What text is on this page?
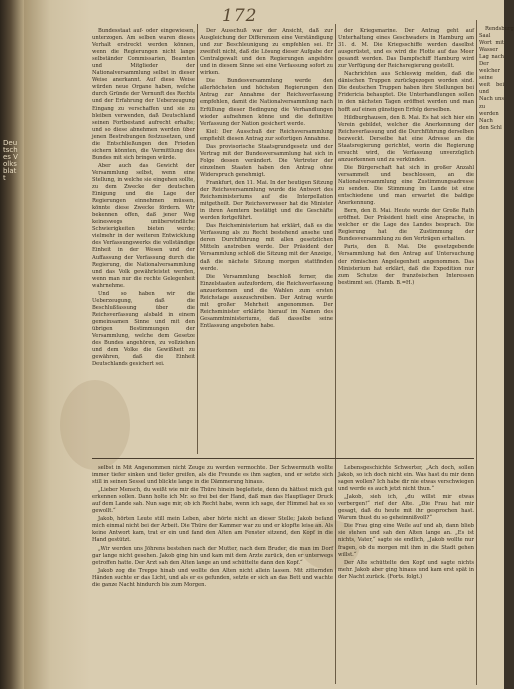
Deutsches Volksblatt
172
Bundesstaat auf- oder eingewiesen, unterzogen. Am selben waren dieses Verhalt erstreckt werden können, wenn die Regierungen nicht lange selbständer Commissarien, Beamten und Mitglieder der Nationalversammlung selbst in dieser Weise anerkannt. Auf diese Weise würden neue Organe haben, welche durch Gründe der Vernunft des Rechts und der Erfahrung der Ueberzeugung Eingang zu verschaffen und sie zu bleiben verwenden, daß Deutschland seinen Fortbestand aufrecht erhalte; und so diese abnehmen werden über jenen Bestrebungen festzusetzen, und die Entschließungen den Frieden sichern könnten, die Vermittlung des Bundes mit sich bringen würde.
Aber auch das Gewicht der Versammlung selbst, wenn eine Stellung, in welche sie eingehen sollte, zu dem Zwecke der deutschen Einigung und die Lage der Regierungen einnehmen müssen, könnte diese Zwecke fördern. Wir bekennen offen, daß jener Weg keineswegs unüberwindliche Schwierigkeiten bieten werde; vielmehr in der weiteren Entwicklung des Verfassungswerks die vollständige Einheit in der Wesen und der Auffassung der Verfassung durch die Regierung, die Nationalversammlung und das Volk gewährleistet werden, wenn man nur die rechte Gelegenheit wahrnehme.
Und so haben wir die Ueberzeugung, daß die Beschlußfassung über die Reichsverfassung alsbald in einem gemeinsamen Sinne und mit den übrigen Bestimmungen der Versammlung, welche dem Gesetze des Bundes angehören, zu vollziehen und dem Volke die Gewißheit zu gewähren, daß die Einheit Deutschlands gesichert sei.
Der Ausschuß war der Ansicht, daß zur Ausgleichung der Differenzen eine Verständigung und zur Beschleunigung zu empfehlen sei. Er zweifelt nicht, daß die Lösung dieser Aufgabe der Centralgewalt und den Regierungen angehöre und in diesem Sinne sei eine Verfassung sofort zu wirken.
Die Bundesversammlung werde den allerhöchsten und höchsten Regierungen den Antrag zur Annahme der Reichsverfassung empfehlen, damit die Nationalversammlung nach Erfüllung dieser Bedingung die Verhandlungen wieder aufnehmen könne und die definitive Verfassung der Nation gesichert werde.
Kiel: Der Ausschuß der Reichsversammlung empfiehlt diesen Antrag zur sofortigen Annahme.
Das provisorische Staatsgrundgesetz und der Vertrag mit der Bundesversammlung hat sich in Folge dessen verändert. Die Vertreter der einzelnen Staaten haben den Antrag ohne Widerspruch genehmigt.
Frankfurt, den 11. Mai. In der heutigen Sitzung der Reichsversammlung wurde die Antwort des Reichsministeriums auf die Interpellation mitgetheilt. Der Reichsverweser hat die Minister in ihren Aemtern bestätigt und die Geschäfte werden fortgeführt.
Das Reichsministerium hat erklärt, daß es die Verfassung als zu Recht bestehend ansehe und deren Durchführung mit allen gesetzlichen Mitteln anstreben werde. Der Präsident der Versammlung schloß die Sitzung mit der Anzeige, daß die nächste Sitzung morgen stattfinden werde.
Die Versammlung beschloß ferner, die Einzelstaaten aufzufordern, die Reichsverfassung anzuerkennen und die Wahlen zum ersten Reichstage auszuschreiben. Der Antrag wurde mit großer Mehrheit angenommen. Der Reichsminister erklärte hierauf im Namen des Gesammtministeriums, daß dasselbe seine Entlassung angeboten habe.
der Kriegsmarine. Der Antrag geht auf Unterhaltung eines Geschwaders in Hamburg am 31. d. M. Die Kriegsschiffe werden daselbst ausgerüstet, und es wird die Flotte auf das Meer gesandt werden. Das Dampfschiff Hamburg wird zur Verfügung der Reichsregierung gestellt.
Nachrichten aus Schleswig melden, daß die dänischen Truppen zurückgezogen worden sind. Die deutschen Truppen haben ihre Stellungen bei Fridericia behauptet. Die Unterhandlungen sollen in den nächsten Tagen eröffnet werden und man hofft auf einen günstigen Erfolg derselben.
Hildburghausen, den 8. Mai. Es hat sich hier ein Verein gebildet, welcher die Anerkennung der Reichsverfassung und die Durchführung derselben bezweckt. Derselbe hat eine Adresse an die Staatsregierung gerichtet, worin die Regierung ersucht wird, die Verfassung unverzüglich anzuerkennen und zu verkünden.
Die Bürgerschaft hat sich in großer Anzahl versammelt und beschlossen, an die Nationalversammlung eine Zustimmungsadresse zu senden. Die Stimmung im Lande ist eine entschiedene und man erwartet die baldige Anerkennung.
Bern, den 8. Mai. Heute wurde der Große Rath eröffnet. Der Präsident hielt eine Ansprache, in welcher er die Lage des Landes besprach. Die Regierung hat die Zustimmung der Bundesversammlung zu den Verträgen erhalten.
Paris, den 8. Mai. Die gesetzgebende Versammlung hat den Antrag auf Untersuchung der römischen Angelegenheit angenommen. Das Ministerium hat erklärt, daß die Expedition nur zum Schutze der französischen Interessen bestimmt sei. (Hamb. B.=H.)
selbst in Mit Angenommen nicht Zeuge zu werden vermochte. Der Schwermuth wollte immer tiefer sinken und tiefer greifen, als die Freunde es ihm sagten, und er setzte sich still in seinen Sessel und blickte lange in die Dämmerung hinaus.
„Lieber Mensch, du weißt wie mir die Thüre hinein begleitete, denn du hättest mich gut erkennen sollen. Dann holte ich Mr. so frei bei der Hand, daß man das Hauptlager Druck auf dem Lande sah. Nun sage mir, ob ich Recht habe, wenn ich sage, der Himmel hat es so gewollt.“
Jakob, hörten Leute still mein Leben, aber hörte nicht an dieser Stelle; Jakob befand mich einmal nicht bei der Arbeit. Die Thüre der Kammer war zu und er klopfte leise an. Als keine Antwort kam, trat er ein und fand den Alten am Fenster sitzend, den Kopf in die Hand gestützt.
„Wir werden uns Jöhrens bestehen nach der Mutter, nach dem Bruder, die man im Dorf gar lange nicht gesehen. Jakob ging hin und kam mit dem Arzte zurück, den er unterwegs getroffen hatte. Der Arzt sah den Alten lange an und schüttelte dann den Kopf.“
Jakob zog die Treppe hinab und wollte den Alten nicht allein lassen. Mit zitternden Händen suchte er das Licht, und als er es gefunden, setzte er sich an das Bett und wachte die ganze Nacht hindurch bis zum Morgen.
Lebensgeschichte Schwerter, „Ach doch, sollen Jakob, so ich doch nicht ein. Was hast du mir denn sagen wollen? Ich habe dir nie etwas verschwiegen und werde es auch jetzt nicht thun.“
„Jakob, sieh ich, „du willst mir etwas verbergen!“ rief der Alte. „Die Frau hat mir gesagt, daß du heute mit ihr gesprochen hast. Warum thust du so geheimnißvoll?“
Die Frau ging eine Weile auf und ab, dann blieb sie stehen und sah den Alten lange an. „Es ist nichts, Vater,“ sagte sie endlich, „Jakob wollte nur fragen, ob du morgen mit ihm in die Stadt gehen willst.“
Der Alte schüttelte den Kopf und sagte nichts mehr. Jakob aber ging hinaus und kam erst spät in der Nacht zurück. (Forts. folgt.)
Rendsburg Saal Wort mit Wasser Lag nach Der welcher seine weit bei und Nach uns zu werden Nach den Schl
